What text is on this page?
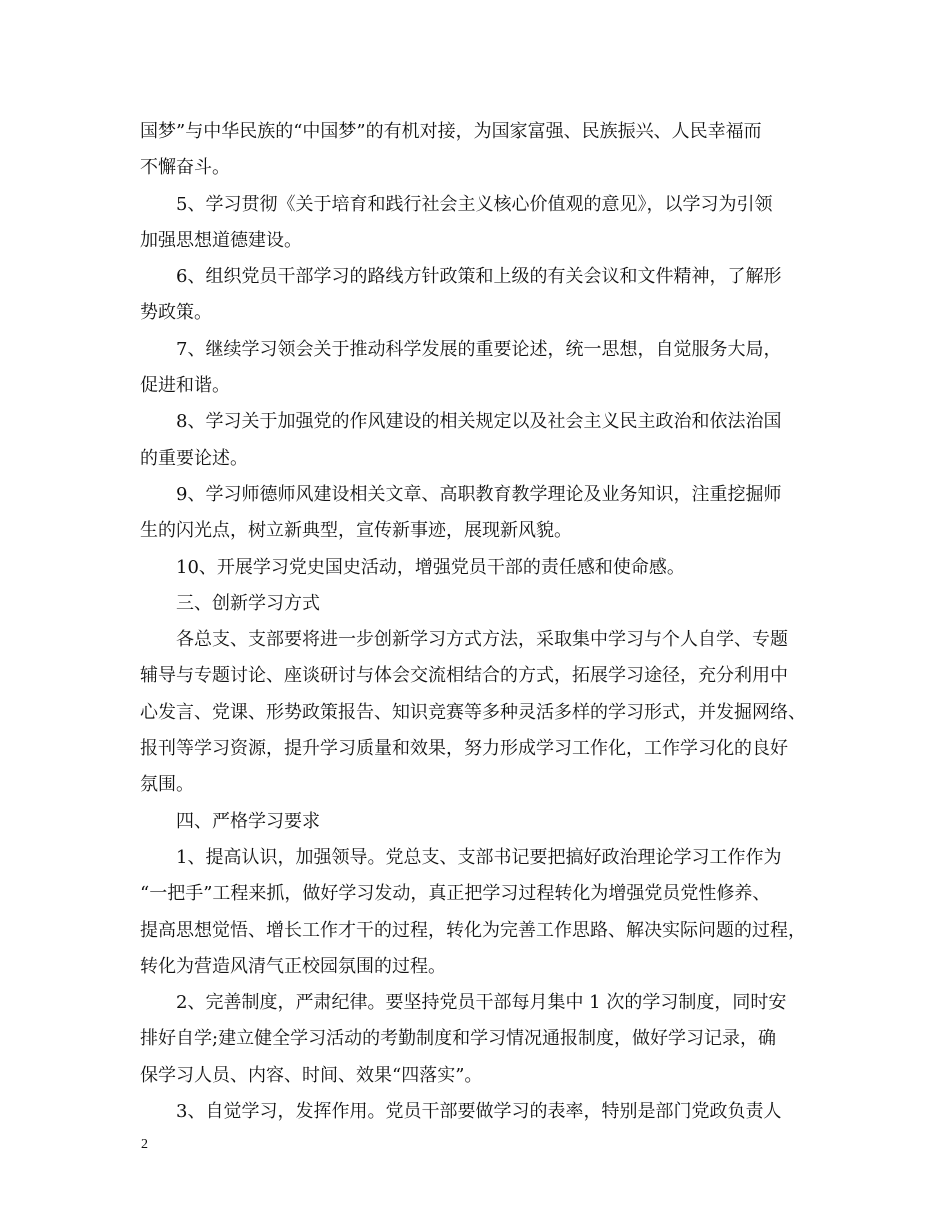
国梦”与中华民族的“中国梦”的有机对接，为国家富强、民族振兴、人民幸福而
不懈奋斗。
5、学习贯彻《关于培育和践行社会主义核心价值观的意见》，以学习为引领
加强思想道德建设。
6、组织党员干部学习的路线方针政策和上级的有关会议和文件精神，了解形
势政策。
7、继续学习领会关于推动科学发展的重要论述，统一思想，自觉服务大局，
促进和谐。
8、学习关于加强党的作风建设的相关规定以及社会主义民主政治和依法治国
的重要论述。
9、学习师德师风建设相关文章、高职教育教学理论及业务知识，注重挖掘师
生的闪光点，树立新典型，宣传新事迹，展现新风貌。
10、开展学习党史国史活动，增强党员干部的责任感和使命感。
三、创新学习方式
各总支、支部要将进一步创新学习方式方法，采取集中学习与个人自学、专题
辅导与专题讨论、座谈研讨与体会交流相结合的方式，拓展学习途径，充分利用中
心发言、党课、形势政策报告、知识竞赛等多种灵活多样的学习形式，并发掘网络、
报刊等学习资源，提升学习质量和效果，努力形成学习工作化，工作学习化的良好
氛围。
四、严格学习要求
1、提高认识，加强领导。党总支、支部书记要把搞好政治理论学习工作作为
“一把手”工程来抓，做好学习发动，真正把学习过程转化为增强党员党性修养、
提高思想觉悟、增长工作才干的过程，转化为完善工作思路、解决实际问题的过程，
转化为营造风清气正校园氛围的过程。
2、完善制度，严肃纪律。要坚持党员干部每月集中 1 次的学习制度，同时安
排好自学;建立健全学习活动的考勤制度和学习情况通报制度，做好学习记录，确
保学习人员、内容、时间、效果“四落实”。
3、自觉学习，发挥作用。党员干部要做学习的表率，特别是部门党政负责人
2
